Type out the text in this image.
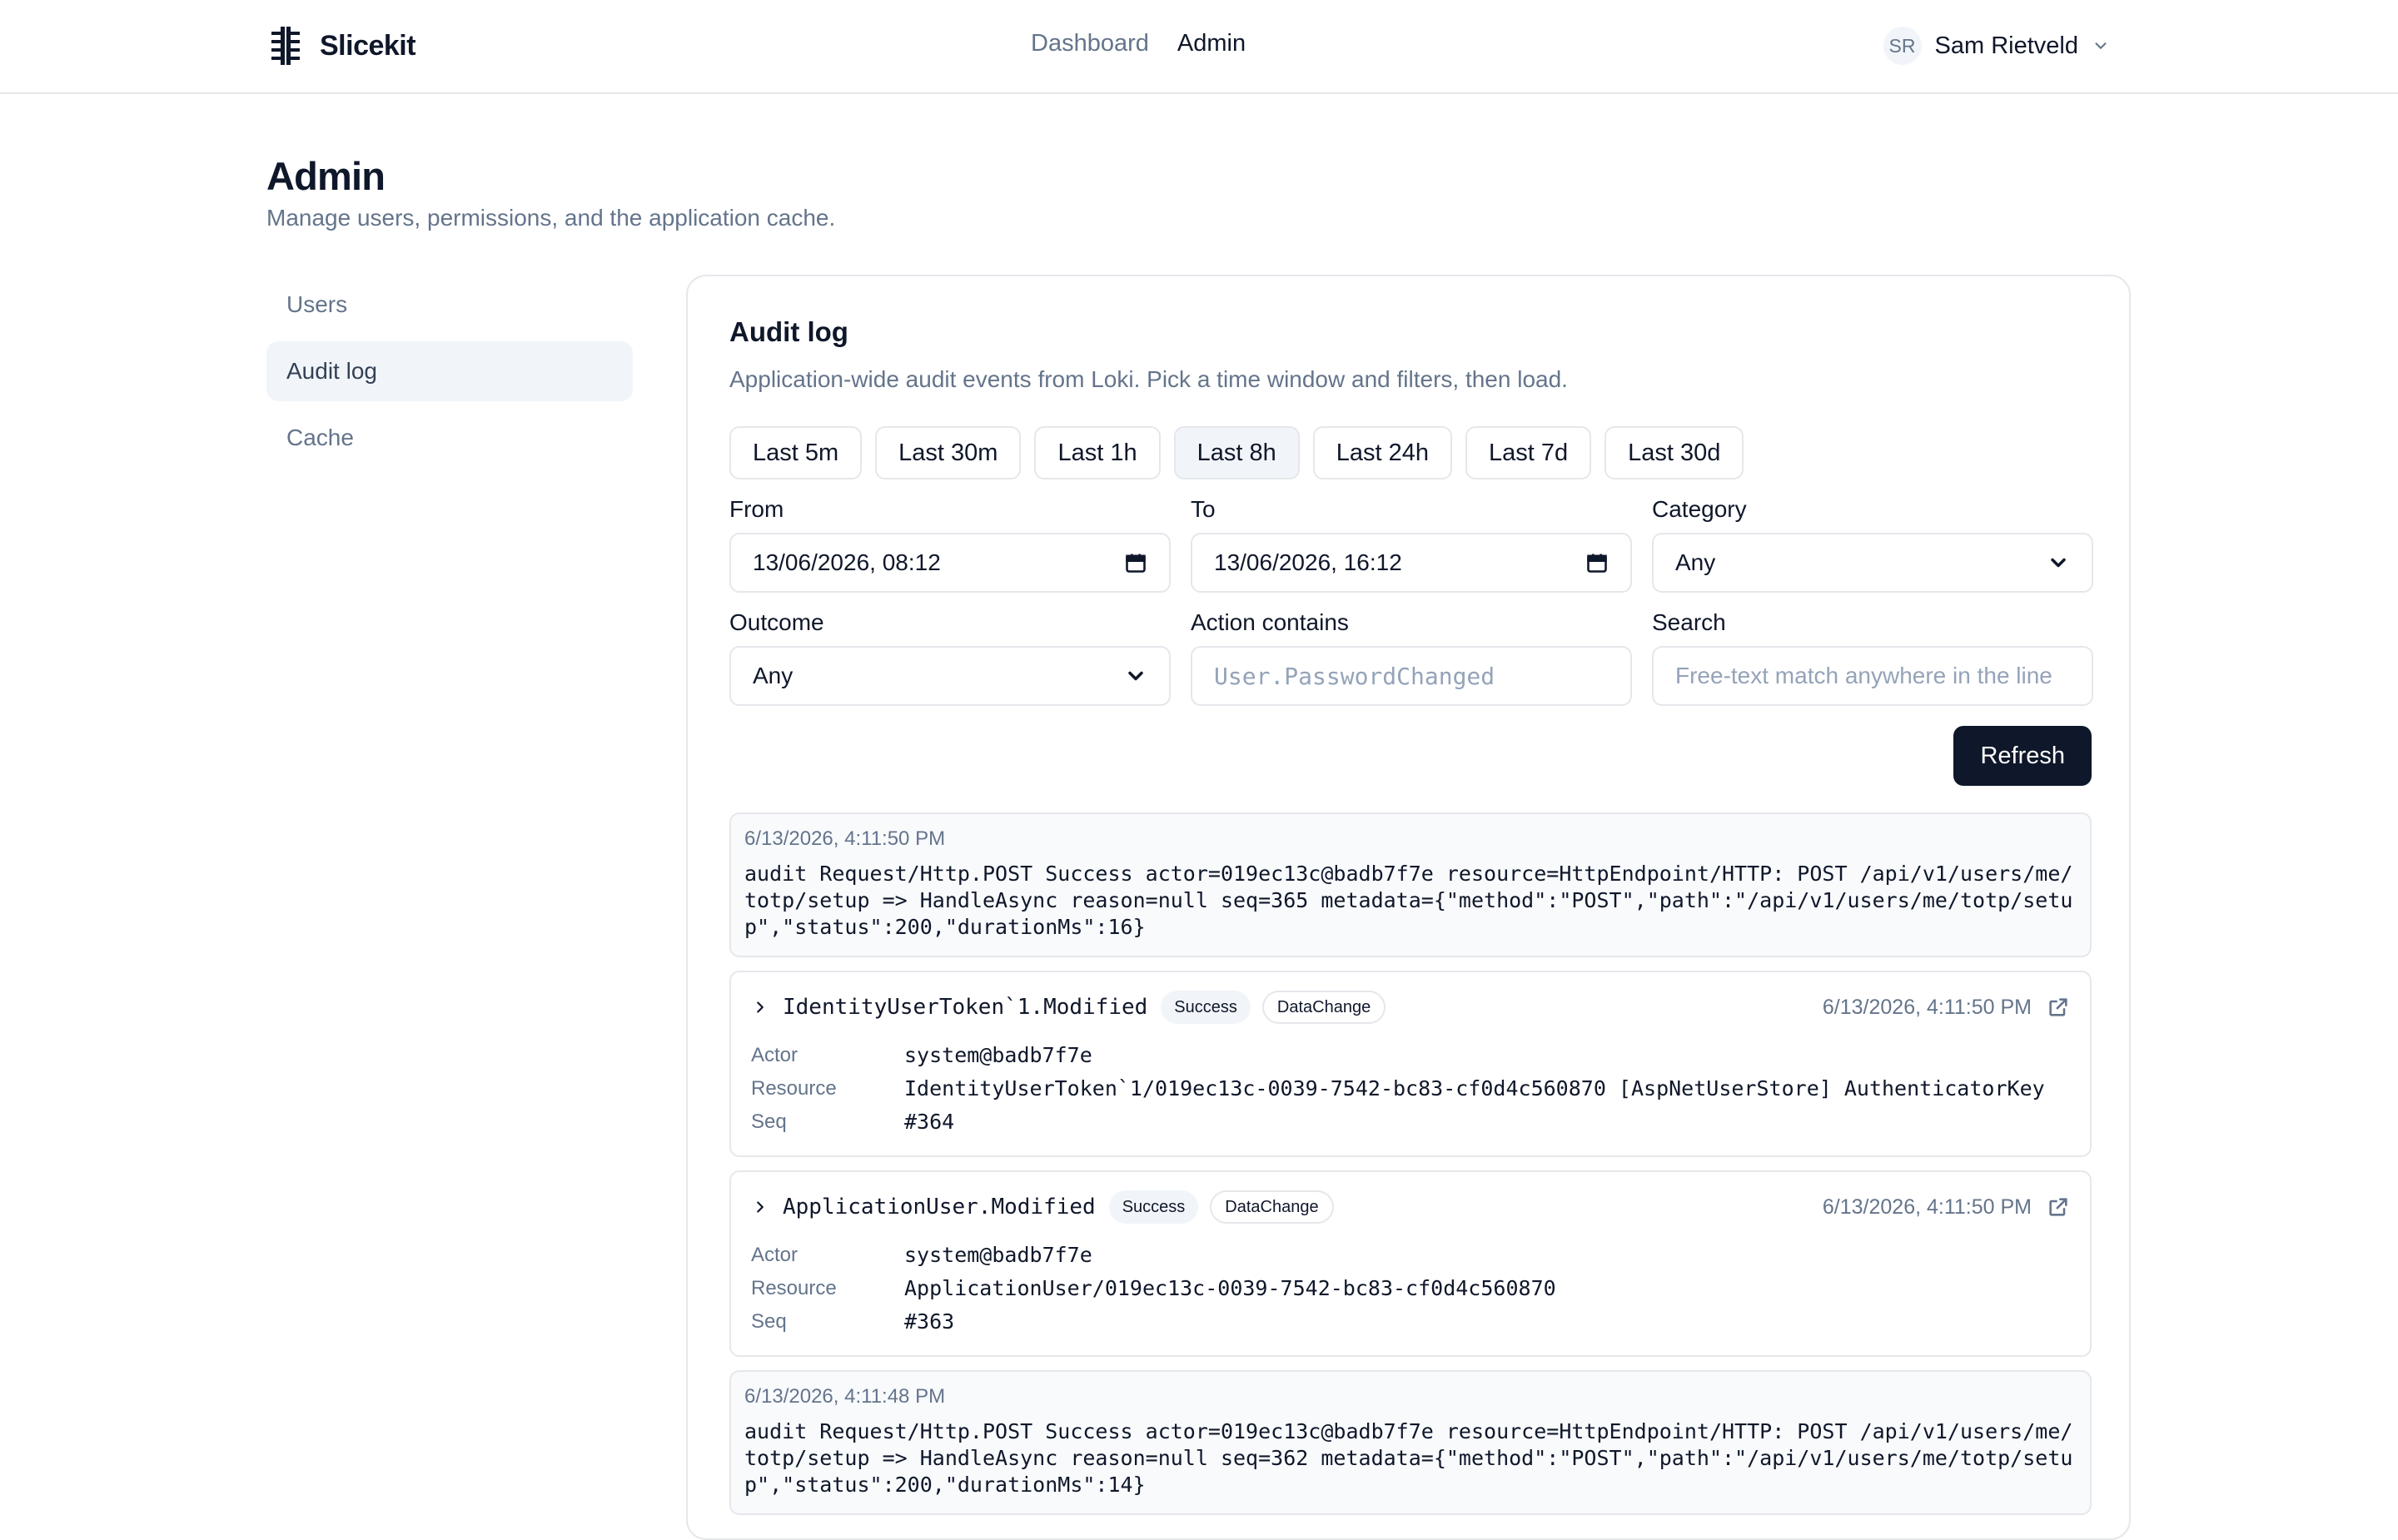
Slicekit	Dashboard Admin	SR Sam Rietveld
Admin

Manage users, permissions, and the application cache.

Users
Audit log
Cache
Audit log

Application-wide audit events from Loki. Pick a time window and filters, then load.

Last 5m	Last 30m	Last 1h	Last 8h	Last 24h	Last 7d	Last 30d
From
13/06/2026, 08:12
To
13/06/2026, 16:12
Category
Any
Outcome
Any
Action contains
User.PasswordChanged
Search
Free-text match anywhere in the line
Refresh
6/13/2026, 4:11:50 PM
audit Request/Http.POST Success actor=019ec13c@badb7f7e resource=HttpEndpoint/HTTP: POST /api/v1/users/me/totp/setup => HandleAsync reason=null seq=365 metadata={"method":"POST","path":"/api/v1/users/me/totp/setup","status":200,"durationMs":16}
IdentityUserToken`1.Modified	Success	DataChange	6/13/2026, 4:11:50 PM
Actor	system@badb7f7e
Resource	IdentityUserToken`1/019ec13c-0039-7542-bc83-cf0d4c560870 [AspNetUserStore] AuthenticatorKey
Seq	#364
ApplicationUser.Modified	Success	DataChange	6/13/2026, 4:11:50 PM
Actor	system@badb7f7e
Resource	ApplicationUser/019ec13c-0039-7542-bc83-cf0d4c560870
Seq	#363
6/13/2026, 4:11:48 PM
audit Request/Http.POST Success actor=019ec13c@badb7f7e resource=HttpEndpoint/HTTP: POST /api/v1/users/me/totp/setup => HandleAsync reason=null seq=362 metadata={"method":"POST","path":"/api/v1/users/me/totp/setup","status":200,"durationMs":14}
